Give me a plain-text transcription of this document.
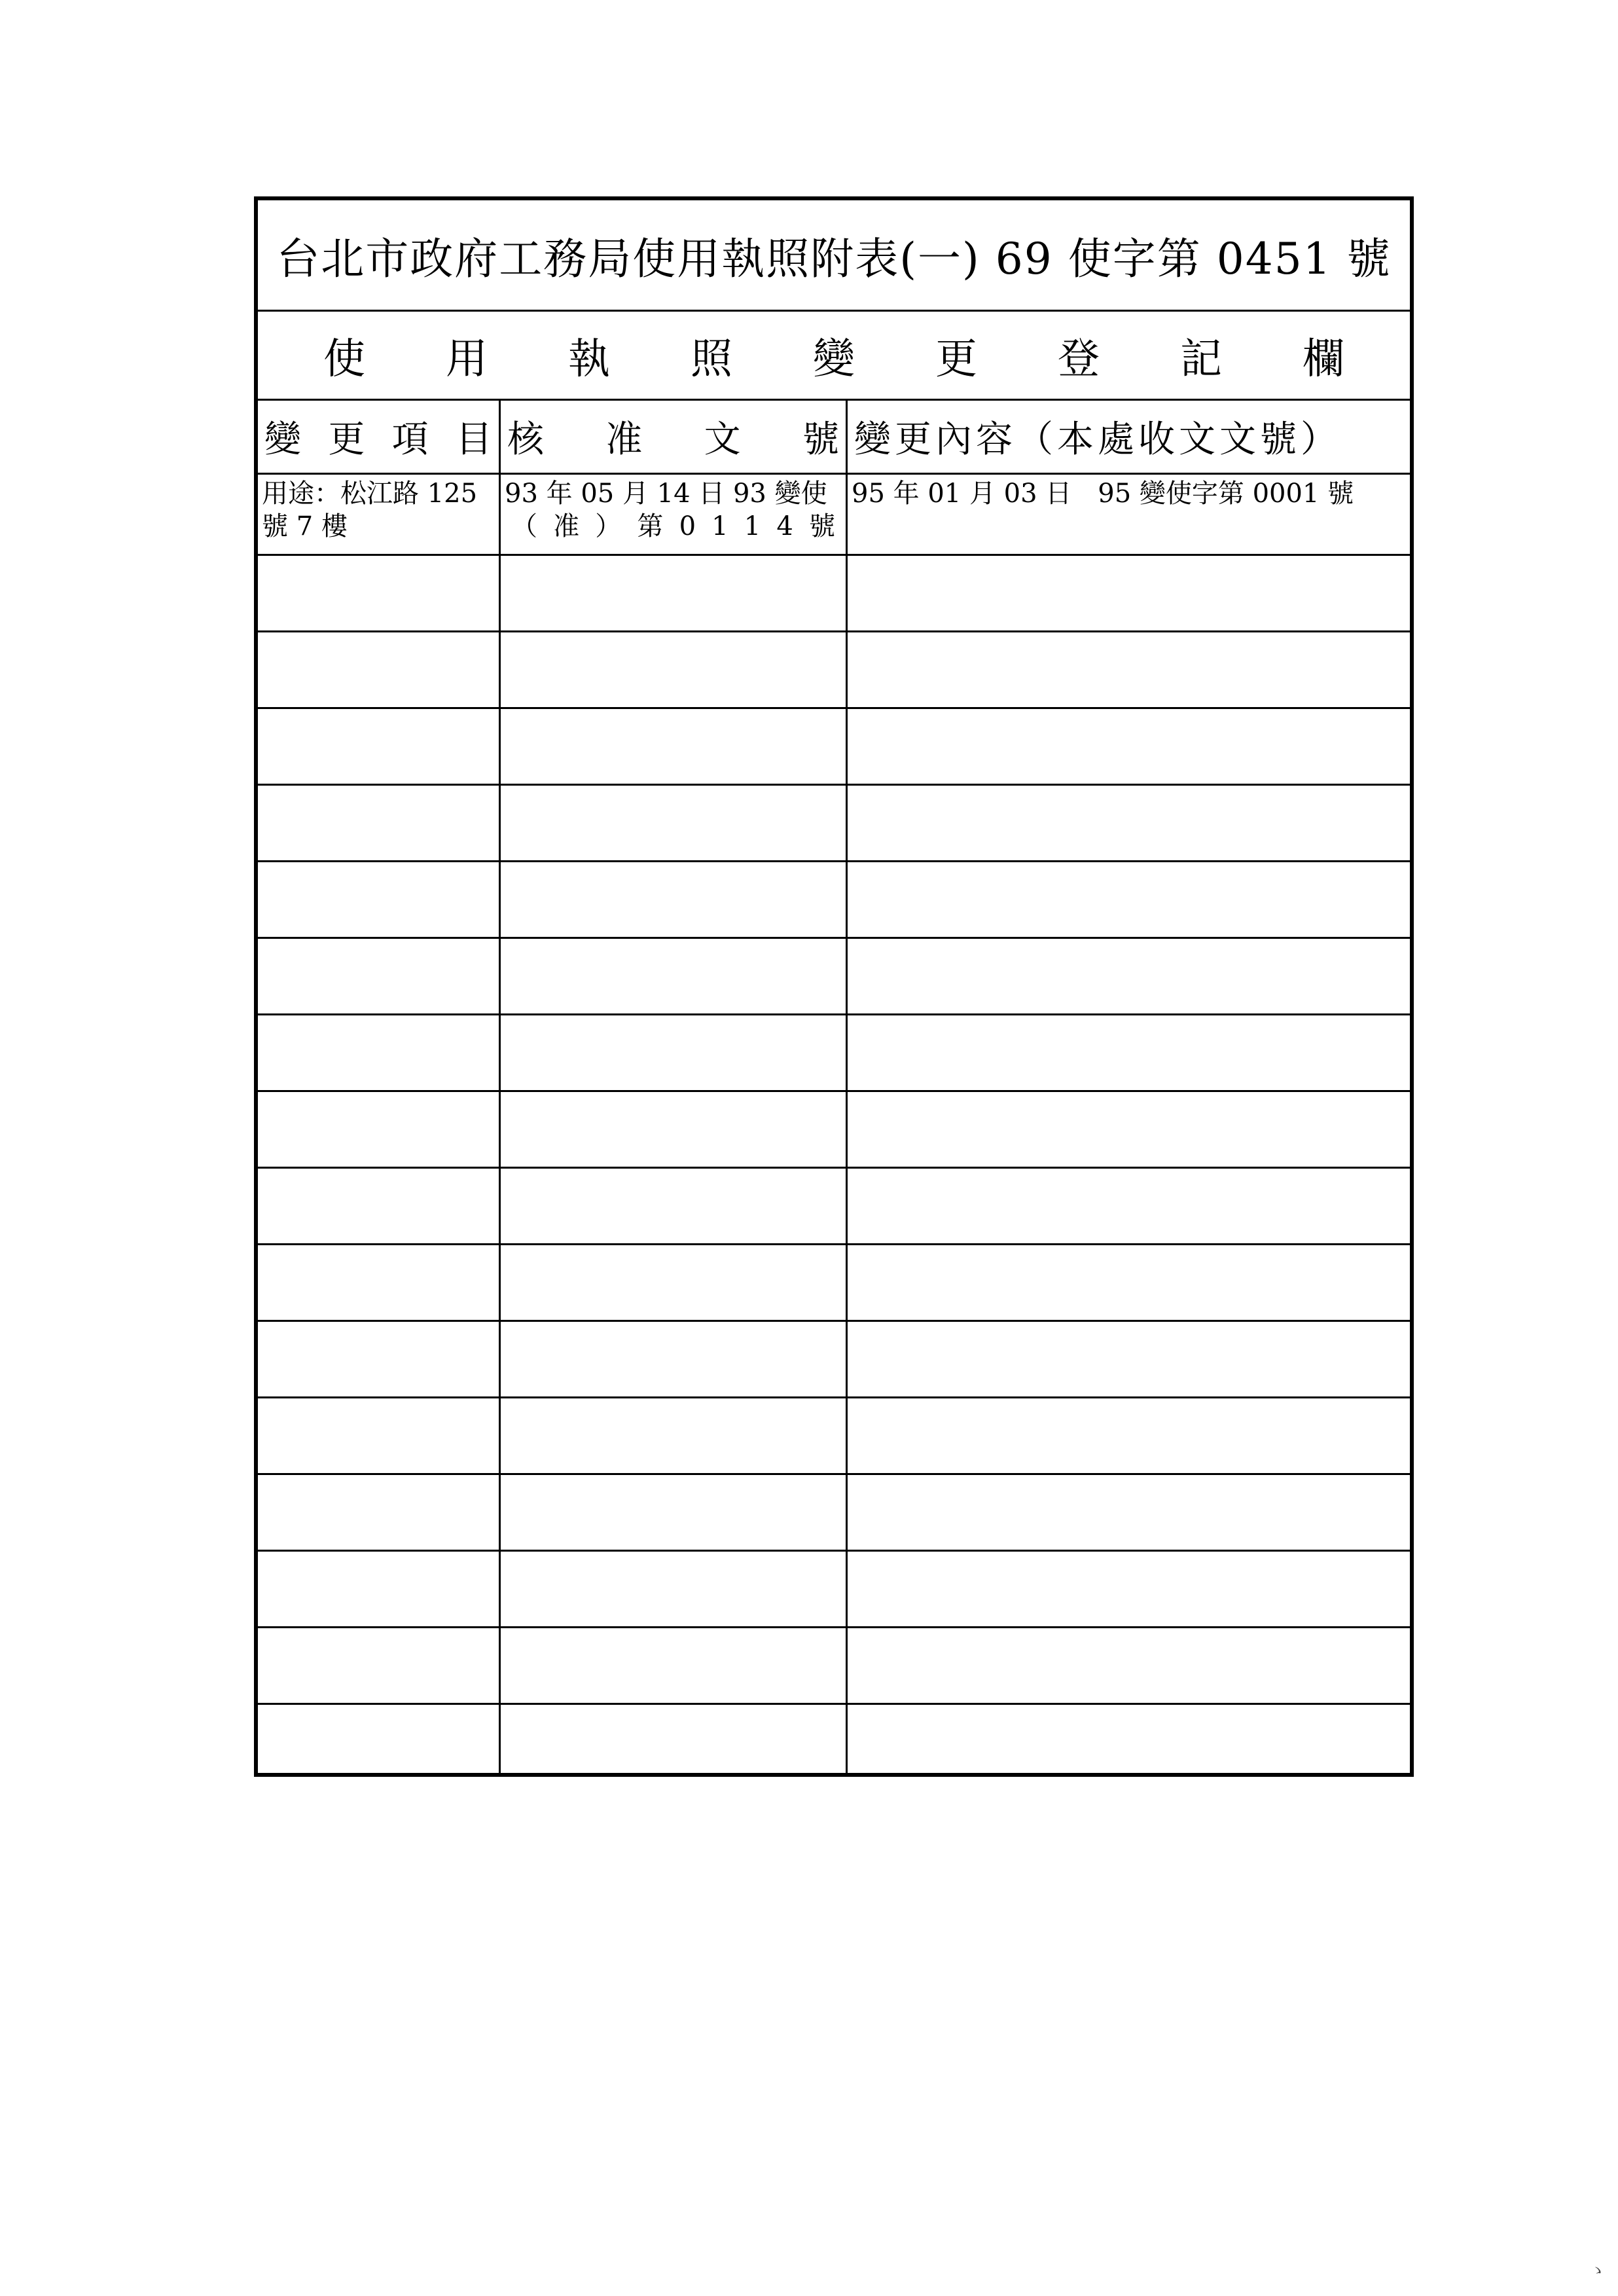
台北市政府工務局使用執照附表(一) 69 使字第 0451 號
使 用 執 照 變 更 登 記 欄
變 更 項 目 核 准 文 號 變更內容（本處收文文號）
用途：松江路 125
號 7 樓
93 年 05 月 14 日 93 變使
（ 准 ） 第 0 1 1 4 號
95 年 01 月 03 日　95 變使字第 0001 號
ゝ
